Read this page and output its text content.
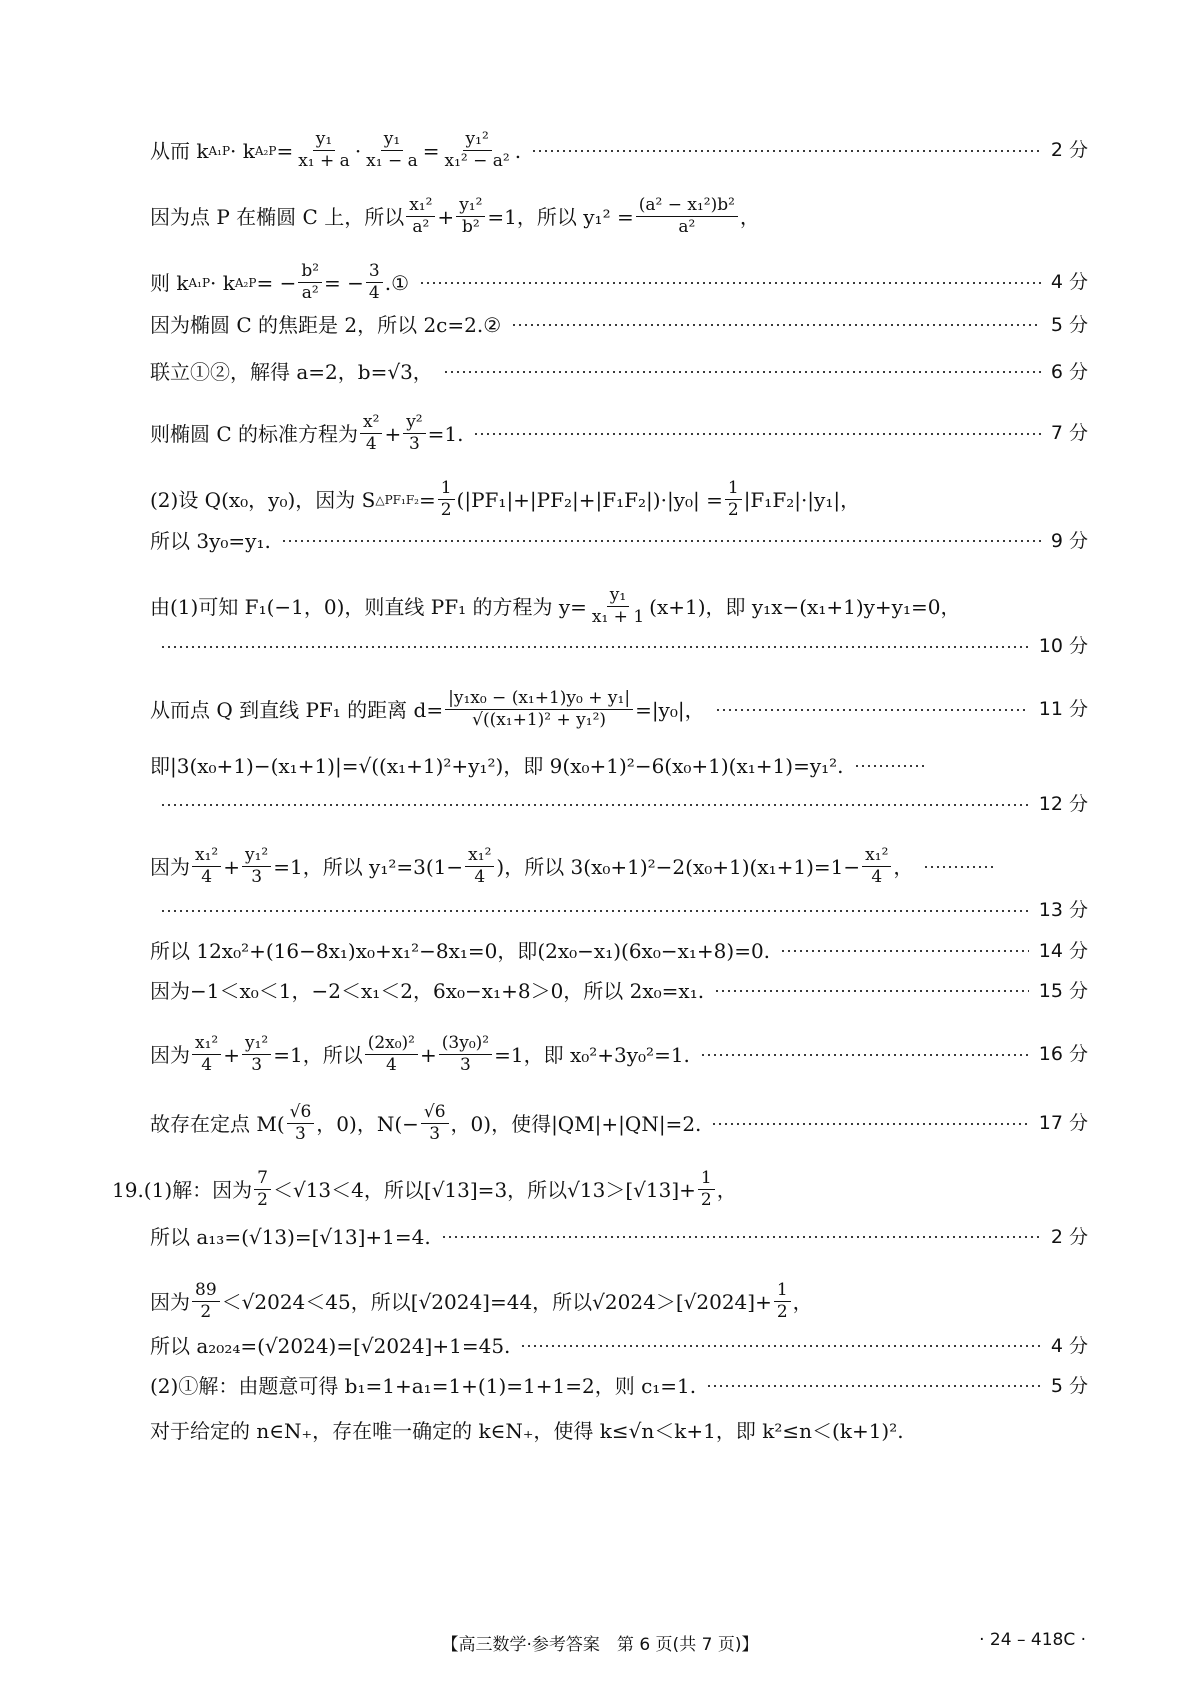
从而 k A₁P · k $A_2P = \frac{\text{y₁}}{\text{x₁ + a}} \cdot \frac{\text{y₁}}{\text{x₁ − a}} = \frac{\text{y₁²}}{\text{x₁² − a²}}$ .	2 分
因为点 P 在椭圆 C 上，所以 $\frac{\text{x₁²}}{\text{a²}} + \frac{\text{y₁²}}{\text{b²}} =1$，所以 $y_1^2 = \frac{\text{(a² − x₁²)b²}}{\text{a²}}$ ，
则 k A₁P · k A₂P = − $\frac{\text{b²}}{\text{a²}}$ = − $\frac{3}{4}$ .①	4 分
因为椭圆 C 的焦距是 2，所以 2c=2.②	5 分
联立①②，解得 a=2，b=√3，	6 分
则椭圆 C 的标准方程为 $\frac{\text{x²}}{4} + \frac{\text{y²}}{3} =1$.	7 分
(2)设 Q(x₀，y₀)，因为 S △PF₁F₂ = $\frac{1}{2} (|PF_1|+|PF_2|+|F_1F_2|)\cdot|y_0| = \frac{1}{2} |F_1F_2|\cdot|y_1|$，
所以 3y₀=y₁.	9 分
由(1)可知 F₁(−1，0)，则直线 PF₁ 的方程为 $y= \frac{\text{y₁}}{\text{x₁ + 1}} (x+1)$，即 y₁x−(x₁+1)y+y₁=0，
10 分
从而点 Q 到直线 PF₁ 的距离 $d= \frac{\text{|y₁x₀ − (x₁+1)y₀ + y₁|}}{\text{√((x₁+1)² + y₁²)}} =|y_0|$，	11 分
即|3(x₀+1)−(x₁+1)|=√((x₁+1)²+y₁²)，即 9(x₀+1)²−6(x₀+1)(x₁+1)=y₁².
12 分
因为 $\frac{\text{x₁²}}{4} + \frac{\text{y₁²}}{3} =1$，所以 $y_1^2=3(1- \frac{\text{x₁²}}{4}$ )，所以 $3(x_0+1)^2-2(x_0+1)(x_1+1)=1- \frac{\text{x₁²}}{4}$ ，
13 分
所以 12x₀²+(16−8x₁)x₀+x₁²−8x₁=0，即(2x₀−x₁)(6x₀−x₁+8)=0.	14 分
因为−1＜x₀＜1，−2＜x₁＜2，6x₀−x₁+8＞0，所以 2x₀=x₁.	15 分
因为 $\frac{\text{x₁²}}{4} + \frac{\text{y₁²}}{3} =1$，所以 $\frac{\text{(2x₀)²}}{4} + \frac{\text{(3y₀)²}}{3} =1$，即 x₀²+3y₀²=1.	16 分
故存在定点 $M( \frac{√6}{3}$ ，0)，$N(- \frac{√6}{3}$ ，0)，使得|QM|+|QN|=2.	17 分
19.(1)解：因为 $\frac{7}{2} <√13<4$，所以[√13]=3，所以$√13>[√13]+ \frac{1}{2}$ ，
所以 a₁₃=(√13)=[√13]+1=4.	2 分
因为 $\frac{89}{2} <√2024<45$，所以[√2024]=44，所以$√2024>[√2024]+ \frac{1}{2}$ ，
所以 a₂₀₂₄=(√2024)=[√2024]+1=45.	4 分
(2)①解：由题意可得 b₁=1+a₁=1+(1)=1+1=2，则 c₁=1.	5 分
对于给定的 n∈N₊，存在唯一确定的 k∈N₊，使得 k≤√n＜k+1，即 k²≤n＜(k+1)².
【高三数学·参考答案　第 6 页(共 7 页)】	· 24 – 418C ·
